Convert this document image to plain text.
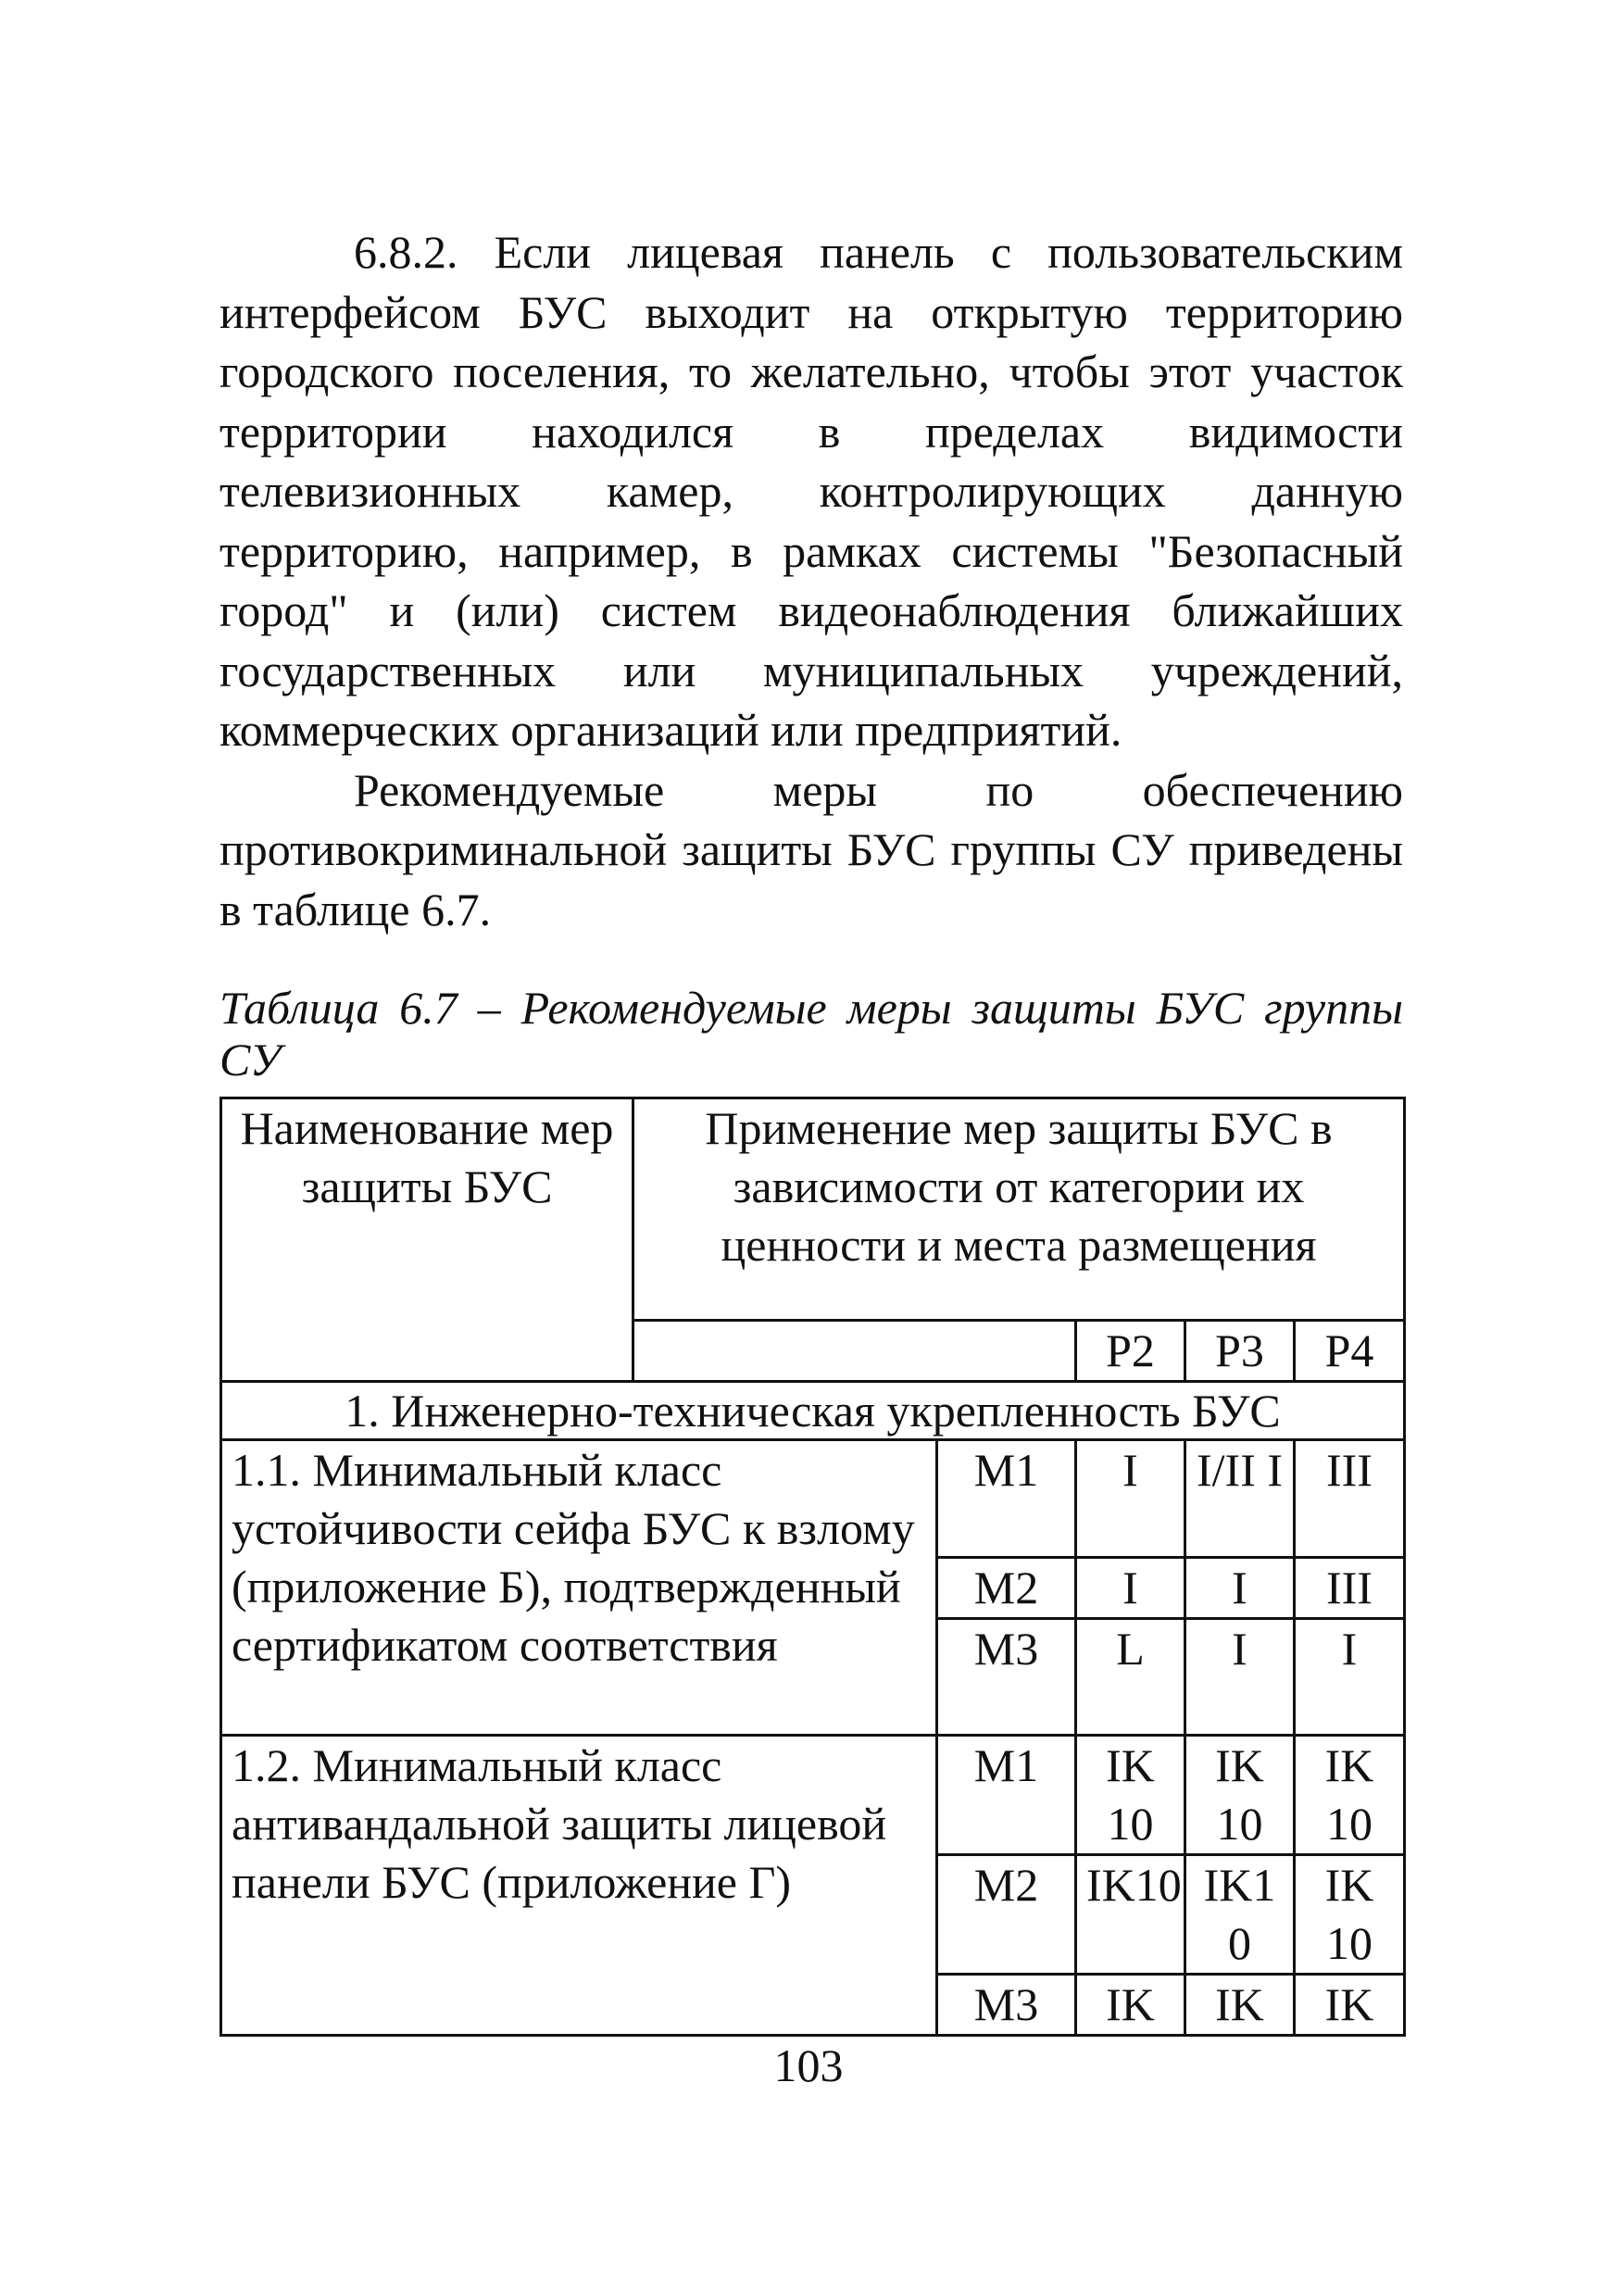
6.8.2. Если лицевая панель с пользовательским интерфейсом БУС выходит на открытую территорию городского поселения, то желательно, чтобы этот участок территории находился в пределах видимости телевизионных камер, контролирующих данную территорию, например, в рамках системы "Безопасный город" и (или) систем видеонаблюдения ближайших государственных или муниципальных учреждений, коммерческих организаций или предприятий.

Рекомендуемые меры по обеспечению противокриминальной защиты БУС группы СУ приведены в таблице 6.7.

Таблица 6.7 – Рекомендуемые меры защиты БУС группы СУ
Наименование мер защиты БУС	Применение мер защиты БУС в зависимости от категории их ценности и места размещения				
			Р2	Р3	Р4
1. Инженерно-техническая укрепленность БУС					
1.1. Минимальный класс устойчивости сейфа БУС к взлому (приложение Б), подтвержденный сертификатом соответствия		М1	I	I/II I	III
		М2	I	I	III
		М3	L	I	I
1.2. Минимальный класс антивандальной защиты лицевой панели БУС (приложение Г)		М1	IK 10	IK 10	IK 10
		М2	IK10	IK1 0	IK 10
		М3	IK	IK	IK
103
